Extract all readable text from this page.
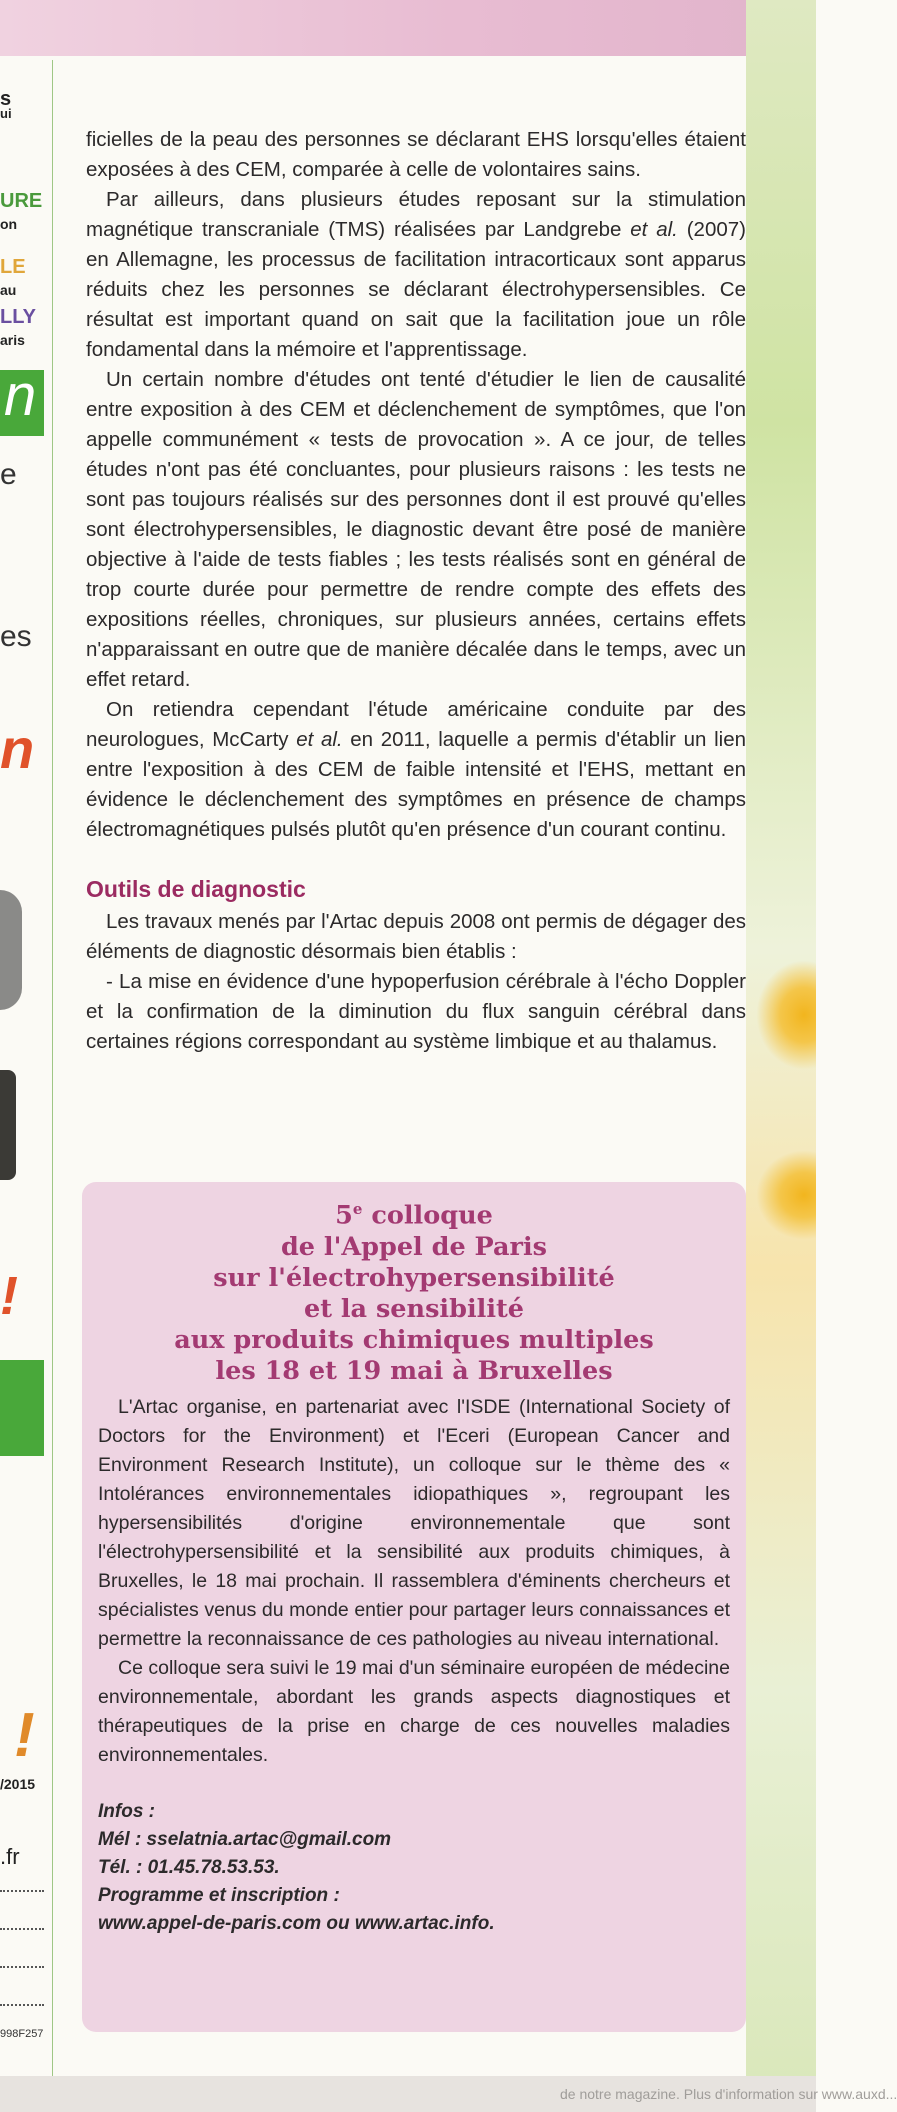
s
ui
URE
on
LE
au
LLY
aris
n
e
es
n
!
!
/2015
.fr
998F257

ficielles de la peau des personnes se déclarant EHS lorsqu'elles étaient exposées à des CEM, comparée à celle de volontaires sains.

Par ailleurs, dans plusieurs études reposant sur la stimulation magnétique transcraniale (TMS) réalisées par Landgrebe et al. (2007) en Allemagne, les processus de facilitation intracorticaux sont apparus réduits chez les personnes se déclarant électrohypersensibles. Ce résultat est important quand on sait que la facilitation joue un rôle fondamental dans la mémoire et l'apprentissage.

Un certain nombre d'études ont tenté d'étudier le lien de causalité entre exposition à des CEM et déclenchement de symptômes, que l'on appelle communément « tests de provocation ». A ce jour, de telles études n'ont pas été concluantes, pour plusieurs raisons : les tests ne sont pas toujours réalisés sur des personnes dont il est prouvé qu'elles sont électrohypersensibles, le diagnostic devant être posé de manière objective à l'aide de tests fiables ; les tests réalisés sont en général de trop courte durée pour permettre de rendre compte des effets des expositions réelles, chroniques, sur plusieurs années, certains effets n'apparaissant en outre que de manière décalée dans le temps, avec un effet retard.

On retiendra cependant l'étude américaine conduite par des neurologues, McCarty et al. en 2011, laquelle a permis d'établir un lien entre l'exposition à des CEM de faible intensité et l'EHS, mettant en évidence le déclenchement des symptômes en présence de champs électromagnétiques pulsés plutôt qu'en présence d'un courant continu.

Outils de diagnostic

Les travaux menés par l'Artac depuis 2008 ont permis de dégager des éléments de diagnostic désormais bien établis :

- La mise en évidence d'une hypoperfusion cérébrale à l'écho Doppler et la confirmation de la diminution du flux sanguin cérébral dans certaines régions correspondant au système limbique et au thalamus.

5e colloque
de l'Appel de Paris
sur l'électrohypersensibilité
et la sensibilité
aux produits chimiques multiples
les 18 et 19 mai à Bruxelles

L'Artac organise, en partenariat avec l'ISDE (International Society of Doctors for the Environment) et l'Eceri (European Cancer and Environment Research Institute), un colloque sur le thème des « Intolérances environnementales idiopathiques », regroupant les hypersensibilités d'origine environnementale que sont l'électrohypersensibilité et la sensibilité aux produits chimiques, à Bruxelles, le 18 mai prochain. Il rassemblera d'éminents chercheurs et spécialistes venus du monde entier pour partager leurs connaissances et permettre la reconnaissance de ces pathologies au niveau international.

Ce colloque sera suivi le 19 mai d'un séminaire européen de médecine environnementale, abordant les grands aspects diagnostiques et thérapeutiques de la prise en charge de ces nouvelles maladies environnementales.

Infos :
Mél : sselatnia.artac@gmail.com
Tél. : 01.45.78.53.53.
Programme et inscription :
www.appel-de-paris.com ou www.artac.info.
de notre magazine. Plus d'information sur www.auxd...
